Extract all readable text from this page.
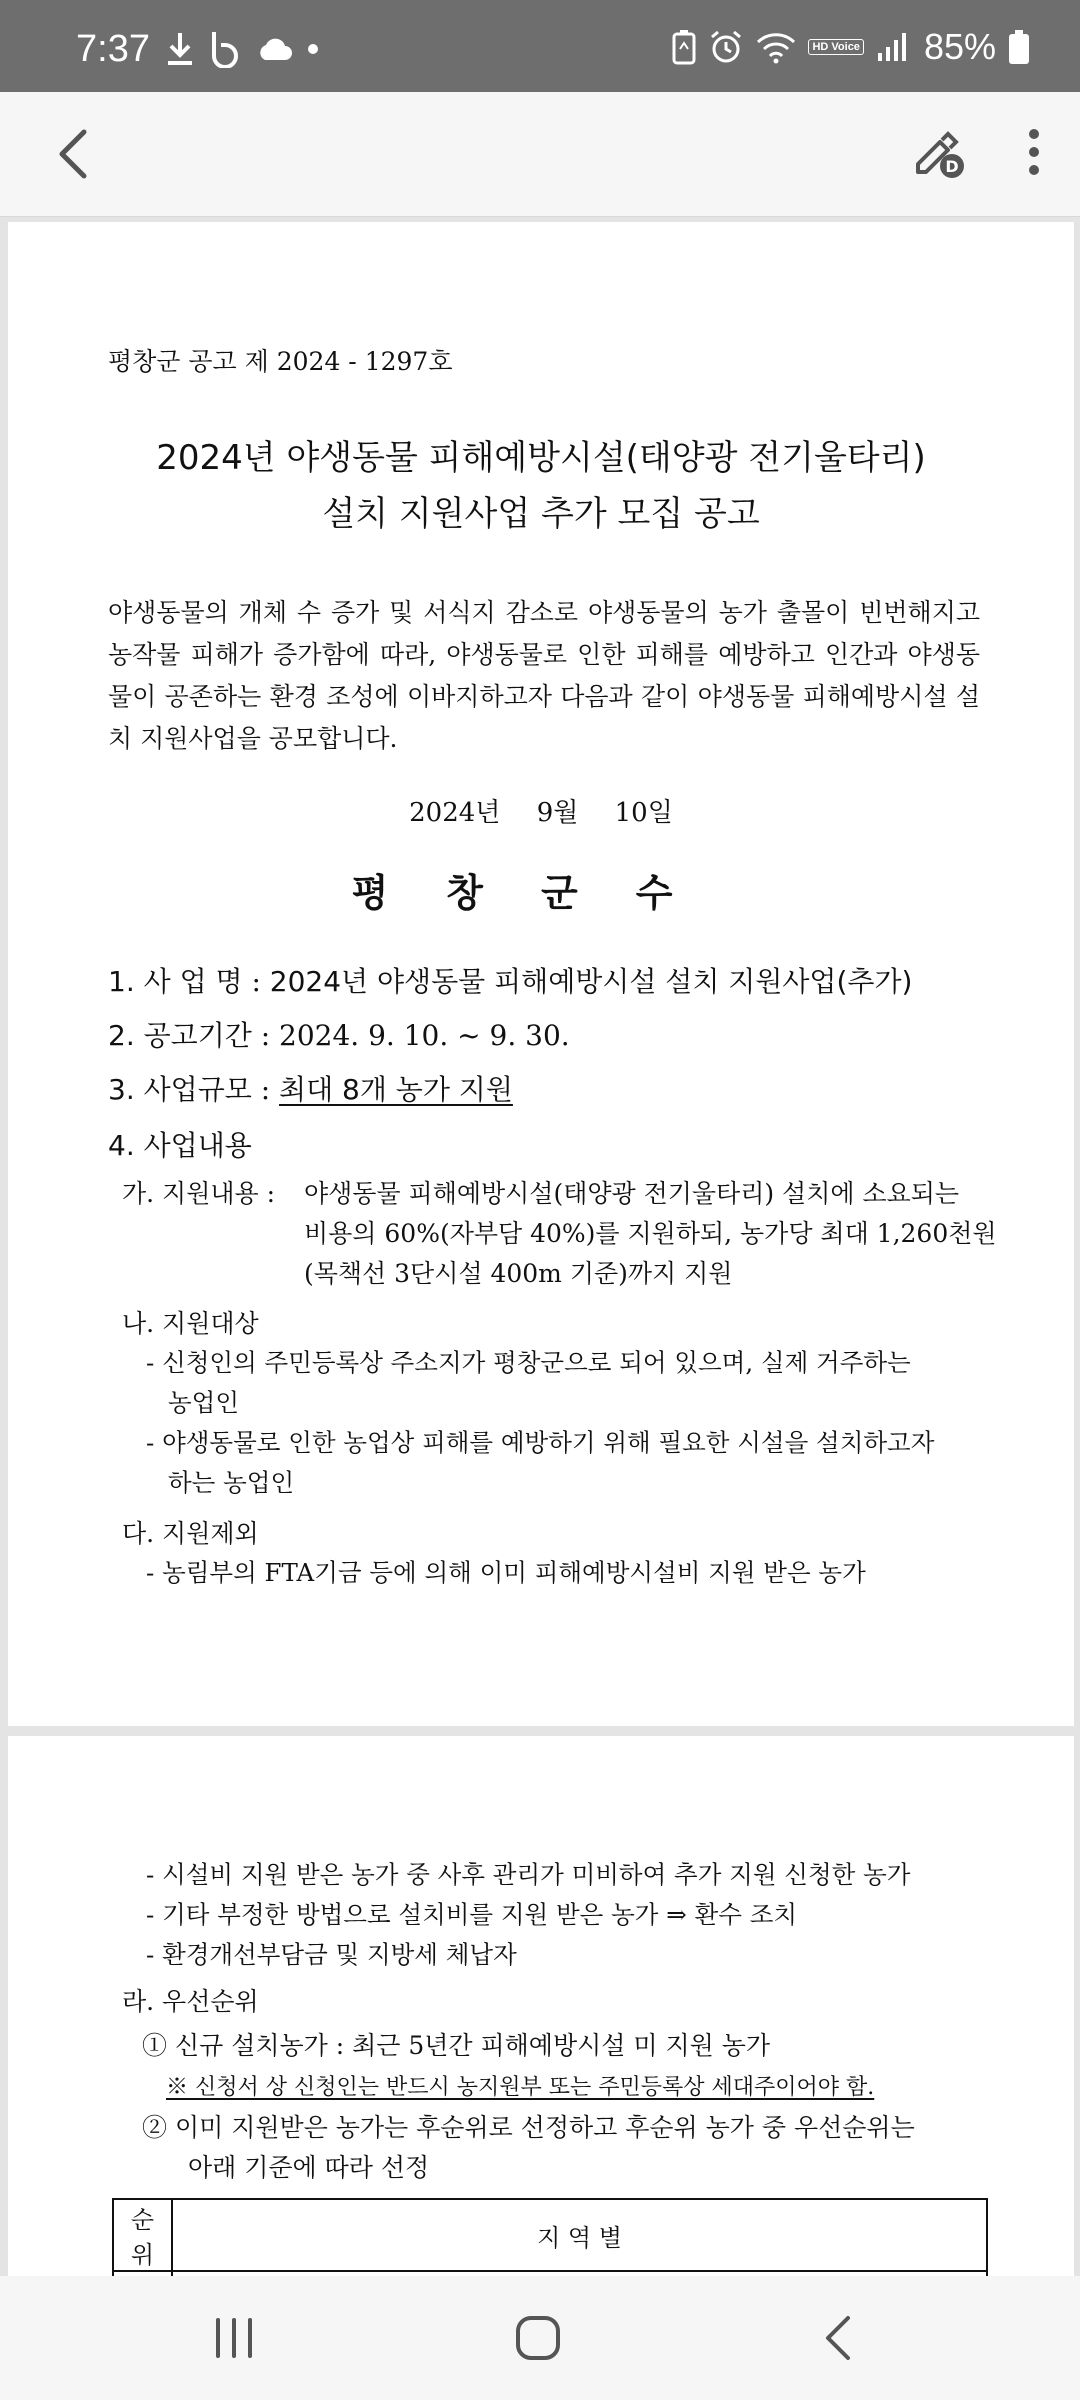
7:37	HD Voice 85%
D
평창군 공고 제 2024 - 1297호
2024년 야생동물 피해예방시설(태양광 전기울타리)
설치 지원사업 추가 모집 공고
야생동물의 개체 수 증가 및 서식지 감소로 야생동물의 농가 출몰이 빈번해지고 농작물 피해가 증가함에 따라, 야생동물로 인한 피해를 예방하고 인간과 야생동물이 공존하는 환경 조성에 이바지하고자 다음과 같이 야생동물 피해예방시설 설치 지원사업을 공모합니다.
2024년 9월 10일
평창군수
1. 사 업 명 : 2024년 야생동물 피해예방시설 설치 지원사업(추가)
2. 공고기간 : 2024. 9. 10. ~ 9. 30.
3. 사업규모 : 최대 8개 농가 지원
4. 사업내용
가. 지원내용 : 야생동물 피해예방시설(태양광 전기울타리) 설치에 소요되는
비용의 60%(자부담 40%)를 지원하되, 농가당 최대 1,260천원
(목책선 3단시설 400m 기준)까지 지원
나. 지원대상
- 신청인의 주민등록상 주소지가 평창군으로 되어 있으며, 실제 거주하는
농업인
- 야생동물로 인한 농업상 피해를 예방하기 위해 필요한 시설을 설치하고자
하는 농업인
다. 지원제외
- 농림부의 FTA기금 등에 의해 이미 피해예방시설비 지원 받은 농가
- 시설비 지원 받은 농가 중 사후 관리가 미비하여 추가 지원 신청한 농가
- 기타 부정한 방법으로 설치비를 지원 받은 농가 ⇒ 환수 조치
- 환경개선부담금 및 지방세 체납자
라. 우선순위
① 신규 설치농가 : 최근 5년간 피해예방시설 미 지원 농가
※ 신청서 상 신청인는 반드시 농지원부 또는 주민등록상 세대주이어야 함.
② 이미 지원받은 농가는 후순위로 선정하고 후순위 농가 중 우선순위는
아래 기준에 따라 선정
순위	지 역 별
